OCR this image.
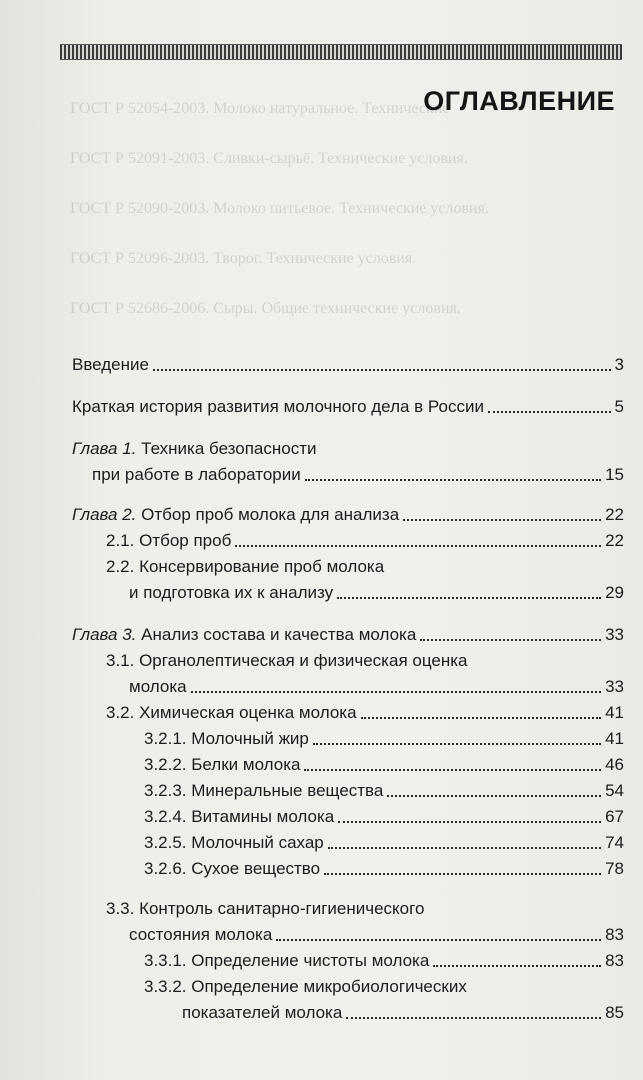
ГОСТ Р 52054-2003. Молоко натуральное. Технические
ГОСТ Р 52091-2003. Сливки-сырьё. Технические условия.
ГОСТ Р 52090-2003. Молоко питьевое. Технические условия.
ГОСТ Р 52096-2003. Творог. Технические условия.
ГОСТ Р 52686-2006. Сыры. Общие технические условия.
ОГЛАВЛЕНИЕ
Введение	3
Краткая история развития молочного дела в России	5
Глава 1. Техника безопасности
при работе в лаборатории	15
Глава 2. Отбор проб молока для анализа	22
2.1. Отбор проб	22
2.2. Консервирование проб молока
и подготовка их к анализу	29
Глава 3. Анализ состава и качества молока	33
3.1. Органолептическая и физическая оценка
молока	33
3.2. Химическая оценка молока	41
3.2.1. Молочный жир	41
3.2.2. Белки молока	46
3.2.3. Минеральные вещества	54
3.2.4. Витамины молока	67
3.2.5. Молочный сахар	74
3.2.6. Сухое вещество	78
3.3. Контроль санитарно-гигиенического
состояния молока	83
3.3.1. Определение чистоты молока	83
3.3.2. Определение микробиологических
показателей молока	85
